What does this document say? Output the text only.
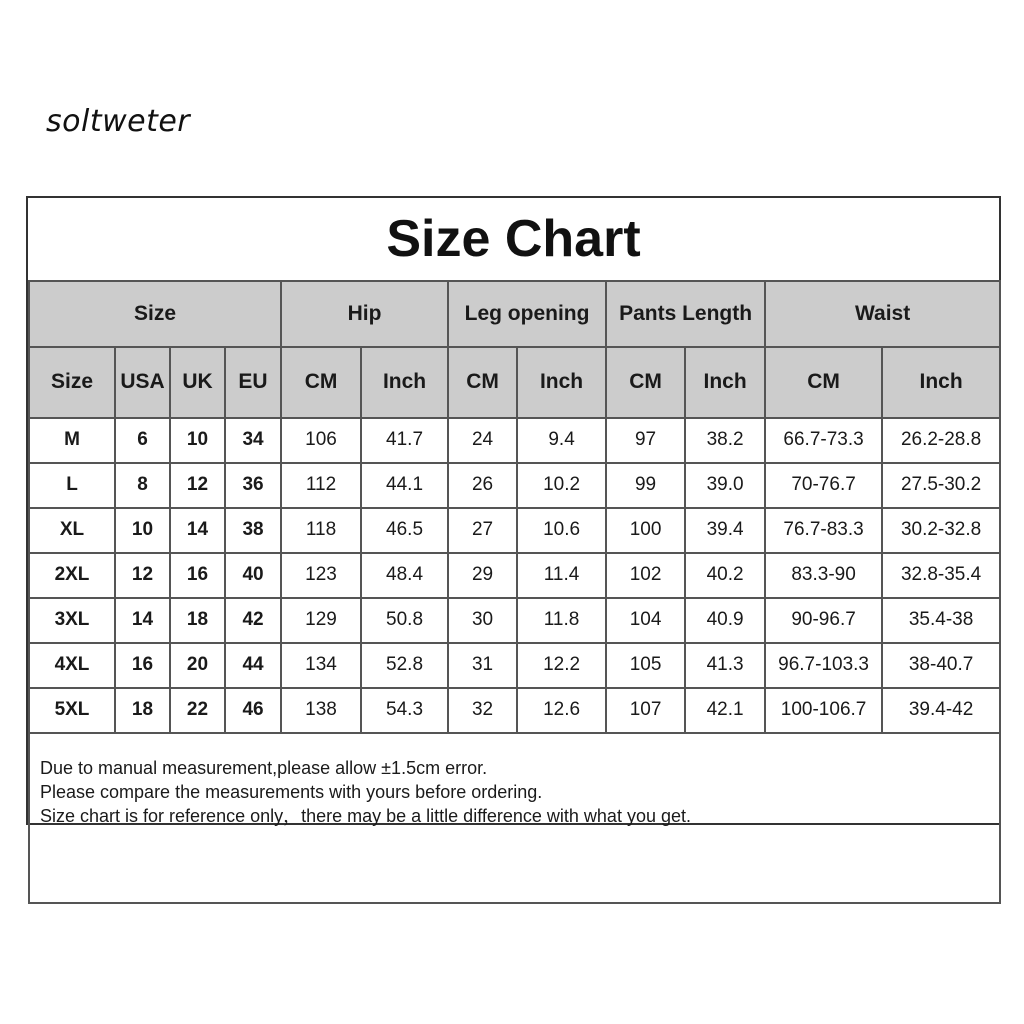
soltweter
Size Chart
Size				Hip		Leg opening		Pants Length		Waist	
Size	USA	UK	EU	CM	Inch	CM	Inch	CM	Inch	CM	Inch
M	6	10	34	106	41.7	24	9.4	97	38.2	66.7-73.3	26.2-28.8
L	8	12	36	112	44.1	26	10.2	99	39.0	70-76.7	27.5-30.2
XL	10	14	38	118	46.5	27	10.6	100	39.4	76.7-83.3	30.2-32.8
2XL	12	16	40	123	48.4	29	11.4	102	40.2	83.3-90	32.8-35.4
3XL	14	18	42	129	50.8	30	11.8	104	40.9	90-96.7	35.4-38
4XL	16	20	44	134	52.8	31	12.2	105	41.3	96.7-103.3	38-40.7
5XL	18	22	46	138	54.3	32	12.6	107	42.1	100-106.7	39.4-42

Due to manual measurement,please allow ±1.5cm error.
Please compare the measurements with yours before ordering.
Size chart is for reference only，there may be a little difference with what you get.											
